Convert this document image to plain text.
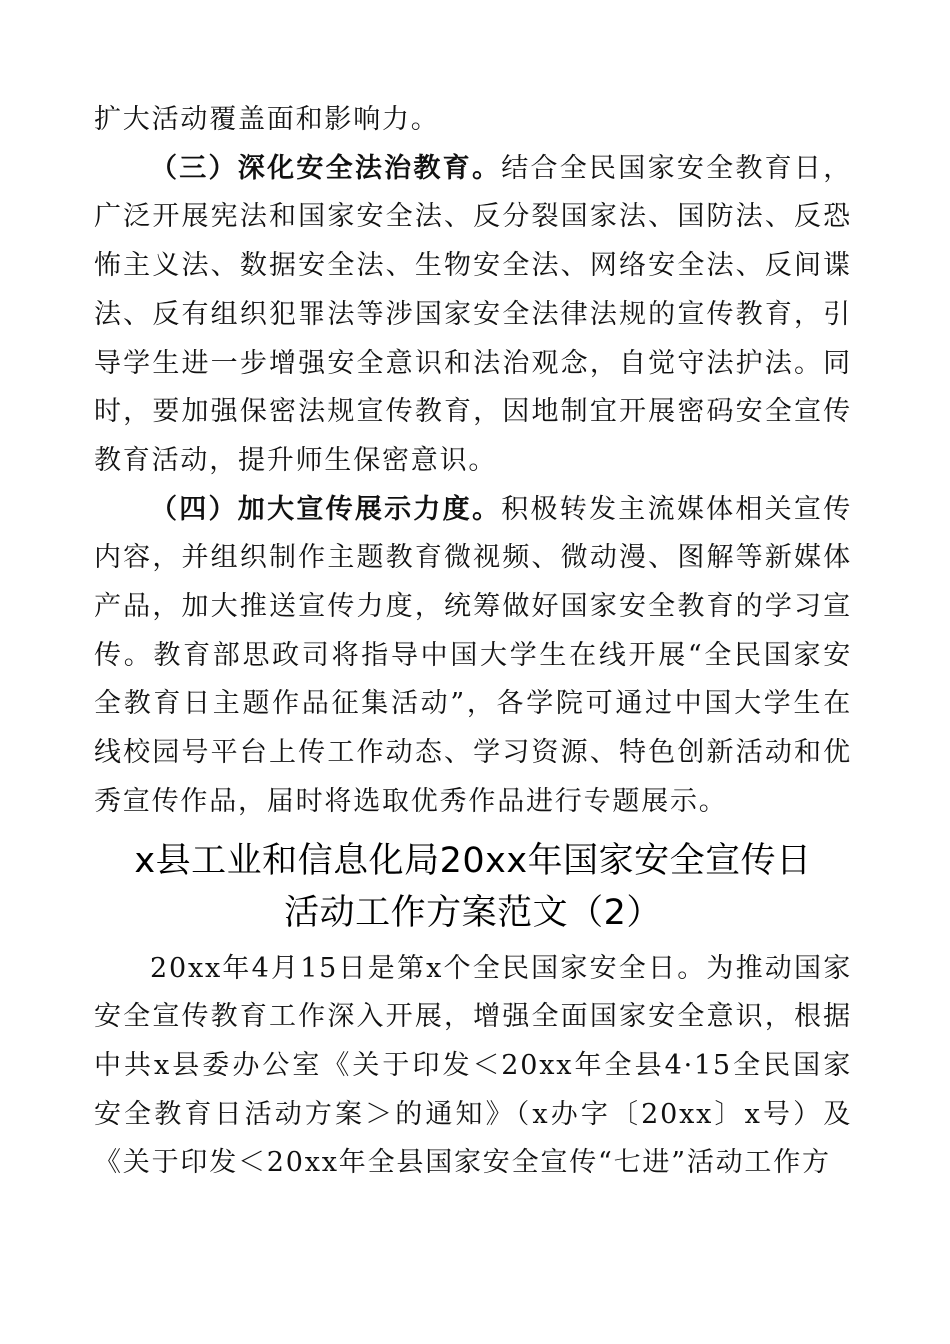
扩大活动覆盖面和影响力。

（三）深化安全法治教育。结合全民国家安全教育日，广泛开展宪法和国家安全法、反分裂国家法、国防法、反恐怖主义法、数据安全法、生物安全法、网络安全法、反间谍法、反有组织犯罪法等涉国家安全法律法规的宣传教育，引导学生进一步增强安全意识和法治观念，自觉守法护法。同时，要加强保密法规宣传教育，因地制宜开展密码安全宣传教育活动，提升师生保密意识。

（四）加大宣传展示力度。积极转发主流媒体相关宣传内容，并组织制作主题教育微视频、微动漫、图解等新媒体产品，加大推送宣传力度，统筹做好国家安全教育的学习宣传。教育部思政司将指导中国大学生在线开展“全民国家安全教育日主题作品征集活动”，各学院可通过中国大学生在线校园号平台上传工作动态、学习资源、特色创新活动和优秀宣传作品，届时将选取优秀作品进行专题展示。

x县工业和信息化局20xx年国家安全宣传日
活动工作方案范文（2）

20xx年4月15日是第x个全民国家安全日。为推动国家安全宣传教育工作深入开展，增强全面国家安全意识，根据中共x县委办公室《关于印发＜20xx年全县4·15全民国家安全教育日活动方案＞的通知》（x办字〔20xx〕x号）及《关于印发＜20xx年全县国家安全宣传“七进”活动工作方
